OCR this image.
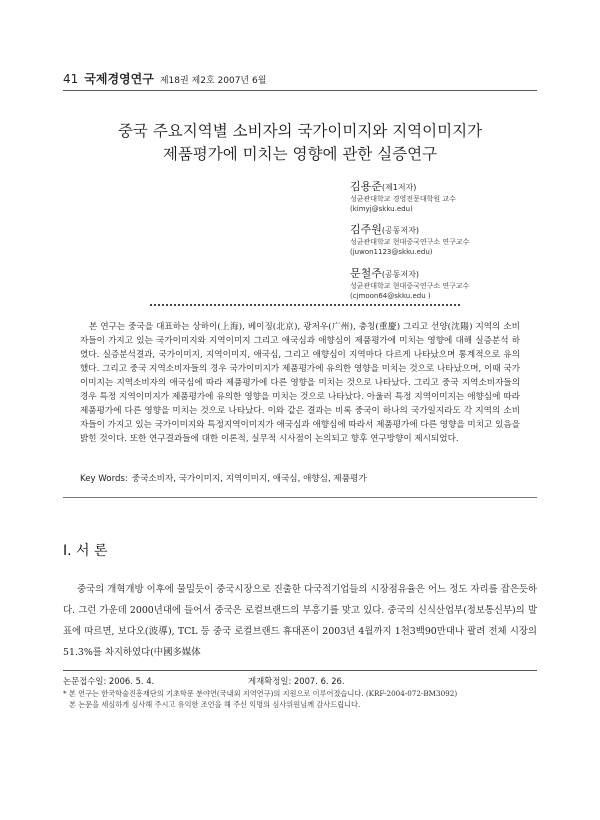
41 국제경영연구 제18권 제2호 2007년 6월
중국 주요지역별 소비자의 국가이미지와 지역이미지가
제품평가에 미치는 영향에 관한 실증연구
김용준(제1저자)
성균관대학교 경영전문대학원 교수
(kimyj@skku.edu)
김주원(공동저자)
성균관대학교 현대중국연구소 연구교수
(juwon1123@skku.edu)
문철주(공동저자)
성균관대학교 현대중국연구소 연구교수
(cjmoon64@skku.edu )
본 연구는 중국을 대표하는 상하이(上海), 베이징(北京), 광저우(广州), 충칭(重慶) 그리고 선양(沈陽) 지역의 소비자들이 가지고 있는 국가이미지와 지역이미지 그리고 애국심과 애향심이 제품평가에 미치는 영향에 대해 실증분석 하였다. 실증분석결과, 국가이미지, 지역이미지, 애국심, 그리고 애향심이 지역마다 다르게 나타났으며 통계적으로 유의했다. 그리고 중국 지역소비자들의 경우 국가이미지가 제품평가에 유의한 영향을 미치는 것으로 나타났으며, 이때 국가이미지는 지역소비자의 애국심에 따라 제품평가에 다른 영향을 미치는 것으로 나타났다. 그리고 중국 지역소비자들의 경우 특정 지역이미지가 제품평가에 유의한 영향을 미치는 것으로 나타났다. 아울러 특정 지역이미지는 애향심에 따라 제품평가에 다른 영향을 미치는 것으로 나타났다. 이와 같은 결과는 비록 중국이 하나의 국가일지라도 각 지역의 소비자들이 가지고 있는 국가이미지와 특정지역이미지가 애국심과 애향심에 따라서 제품평가에 다른 영향을 미치고 있음을 밝힌 것이다. 또한 연구결과들에 대한 이론적, 실무적 시사점이 논의되고 향후 연구방향이 제시되었다.
Key Words: 중국소비자, 국가이미지, 지역이미지, 애국심, 애향심, 제품평가
Ⅰ. 서 론
중국의 개혁개방 이후에 물밀듯이 중국시장으로 진출한 다국적기업들의 시장점유율은 어느 정도 자리를 잡은듯하다. 그런 가운데 2000년대에 들어서 중국은 로컬브랜드의 부흥기를 맞고 있다. 중국의 신식산업부(정보통신부)의 발표에 따르면, 보다오(波導), TCL 등 중국 로컬브랜드 휴대폰이 2003년 4월까지 1천3백90만대나 팔려 전체 시장의 51.3%를 차지하였다(中國多媒体
논문접수일: 2006. 5. 4.	게재확정일: 2007. 6. 26.
* 본 연구는 한국학술진흥재단의 기초학문 분야연(국내외 지역연구)의 지원으로 이루어졌습니다. (KRF-2004-072-BM3092)
본 논문을 세심하게 심사해 주시고 유익한 조언을 해 주신 익명의 심사위원님께 감사드립니다.
